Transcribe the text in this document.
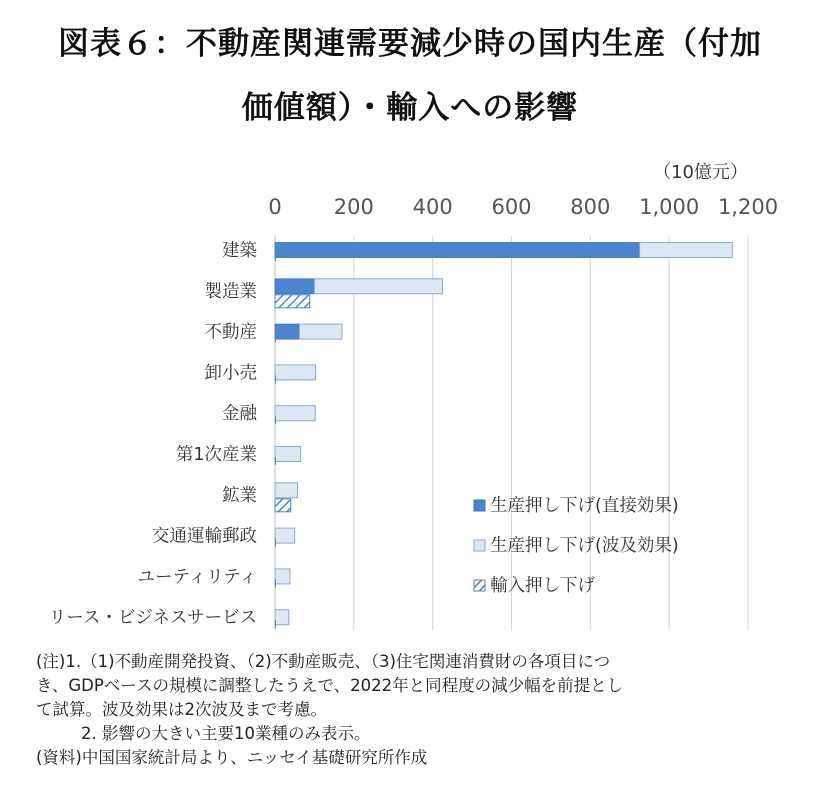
図表６：不動産関連需要減少時の国内生産（付加
価値額）・輸入への影響
（10億元）
0 200 400 600 800 1,000 1,200
建築
製造業
不動産
卸小売
金融
第1次産業
鉱業
交通運輸郵政
ユーティリティ
リース・ビジネスサービス
生産押し下げ(直接効果)
生産押し下げ(波及効果)
輸入押し下げ
(注)1.（1)不動産開発投資、（2)不動産販売、（3)住宅関連消費財の各項目につ
き、GDPベースの規模に調整したうえで、2022年と同程度の減少幅を前提とし
て試算。波及効果は2次波及まで考慮。
2. 影響の大きい主要10業種のみ表示。
(資料)中国国家統計局より、ニッセイ基礎研究所作成
